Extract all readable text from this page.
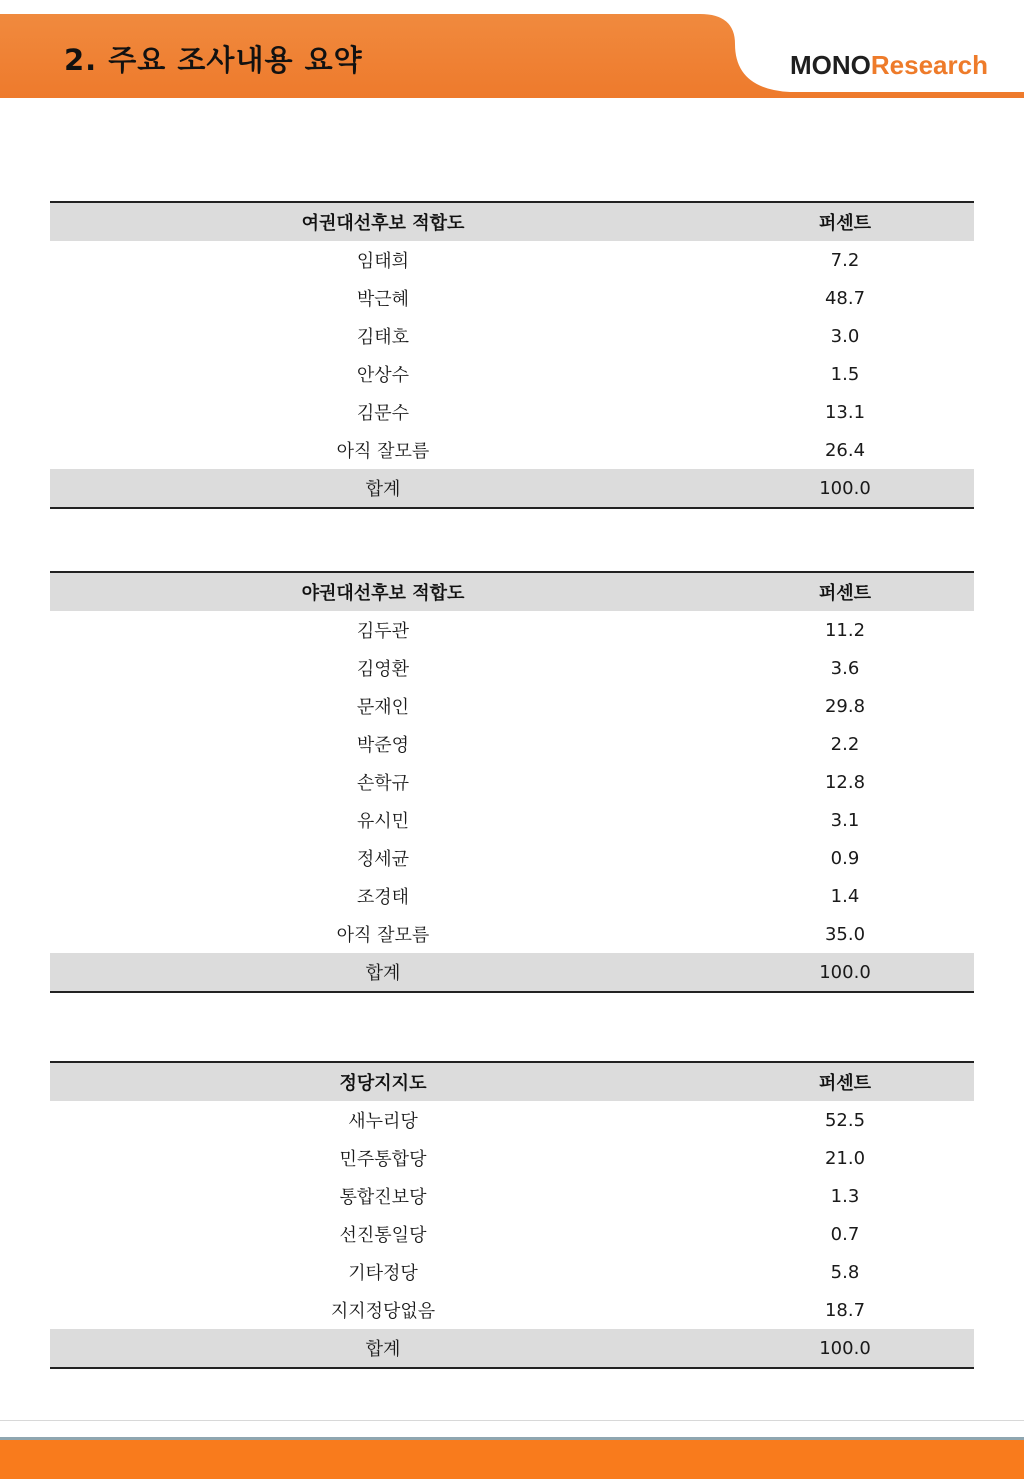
2. 주요 조사내용 요약	MONOResearch
여권대선후보 적합도	퍼센트
임태희	7.2
박근혜	48.7
김태호	3.0
안상수	1.5
김문수	13.1
아직 잘모름	26.4
합계	100.0
야권대선후보 적합도	퍼센트
김두관	11.2
김영환	3.6
문재인	29.8
박준영	2.2
손학규	12.8
유시민	3.1
정세균	0.9
조경태	1.4
아직 잘모름	35.0
합계	100.0
정당지지도	퍼센트
새누리당	52.5
민주통합당	21.0
통합진보당	1.3
선진통일당	0.7
기타정당	5.8
지지정당없음	18.7
합계	100.0
